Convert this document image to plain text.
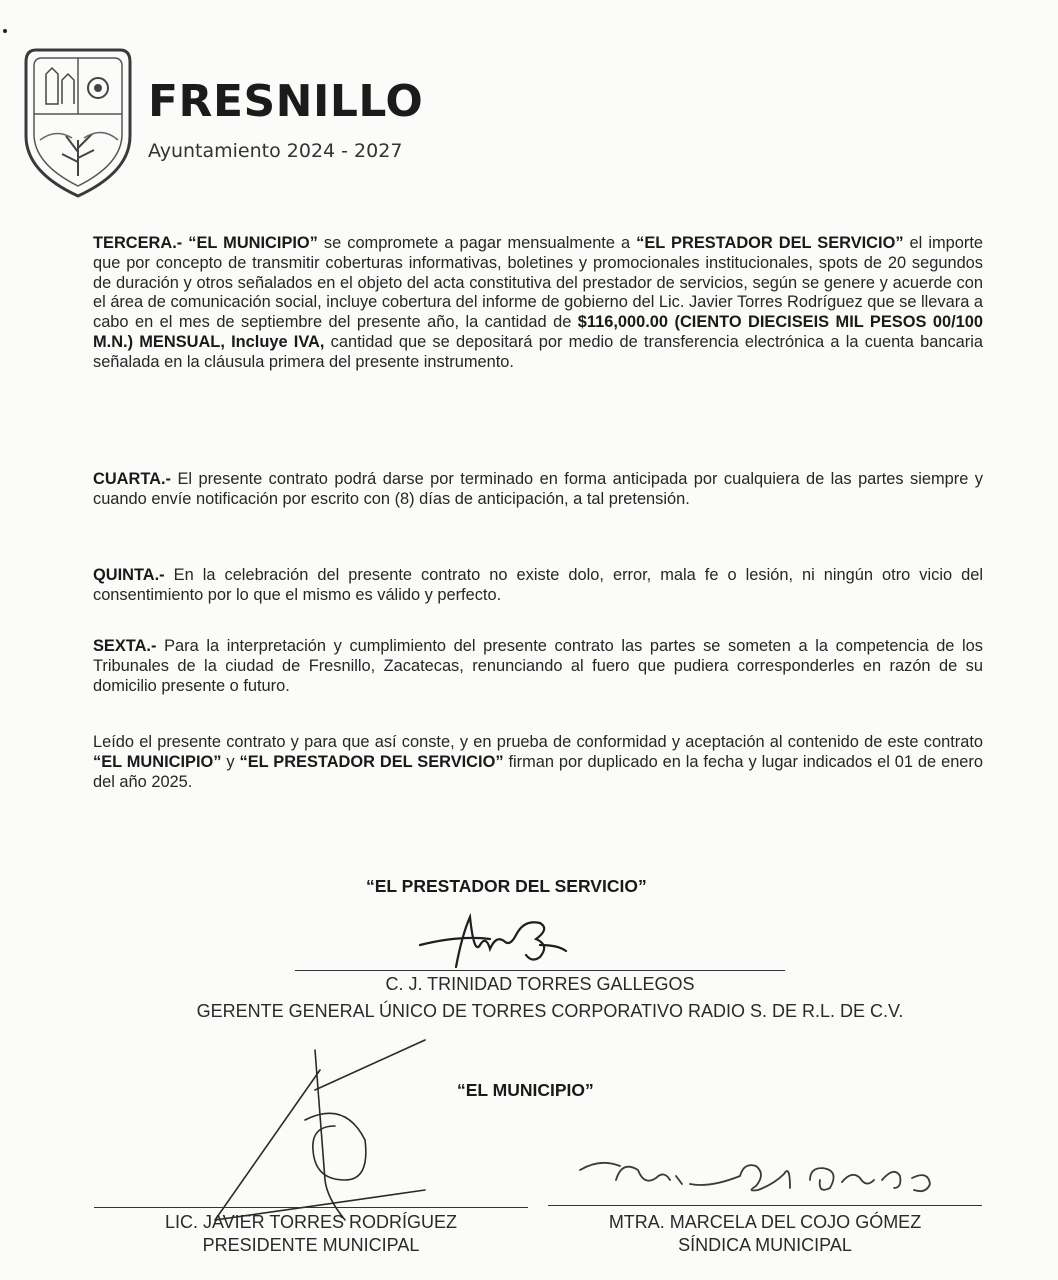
FRESNILLO
Ayuntamiento 2024 - 2027
TERCERA.- “EL MUNICIPIO” se compromete a pagar mensualmente a “EL PRESTADOR DEL SERVICIO” el importe que por concepto de transmitir coberturas informativas, boletines y promocionales institucionales, spots de 20 segundos de duración y otros señalados en el objeto del acta constitutiva del prestador de servicios, según se genere y acuerde con el área de comunicación social, incluye cobertura del informe de gobierno del Lic. Javier Torres Rodríguez que se llevara a cabo en el mes de septiembre del presente año, la cantidad de $116,000.00 (CIENTO DIECISEIS MIL PESOS 00/100 M.N.) MENSUAL, Incluye IVA, cantidad que se depositará por medio de transferencia electrónica a la cuenta bancaria señalada en la cláusula primera del presente instrumento.
CUARTA.- El presente contrato podrá darse por terminado en forma anticipada por cualquiera de las partes siempre y cuando envíe notificación por escrito con (8) días de anticipación, a tal pretensión.
QUINTA.- En la celebración del presente contrato no existe dolo, error, mala fe o lesión, ni ningún otro vicio del consentimiento por lo que el mismo es válido y perfecto.
SEXTA.- Para la interpretación y cumplimiento del presente contrato las partes se someten a la competencia de los Tribunales de la ciudad de Fresnillo, Zacatecas, renunciando al fuero que pudiera corresponderles en razón de su domicilio presente o futuro.
Leído el presente contrato y para que así conste, y en prueba de conformidad y aceptación al contenido de este contrato “EL MUNICIPIO” y “EL PRESTADOR DEL SERVICIO” firman por duplicado en la fecha y lugar indicados el 01 de enero del año 2025.
“EL PRESTADOR DEL SERVICIO”
C. J. TRINIDAD TORRES GALLEGOS
GERENTE GENERAL ÚNICO DE TORRES CORPORATIVO RADIO S. DE R.L. DE C.V.
“EL MUNICIPIO”
LIC. JAVIER TORRES RODRÍGUEZ
PRESIDENTE MUNICIPAL
MTRA. MARCELA DEL COJO GÓMEZ
SÍNDICA MUNICIPAL
